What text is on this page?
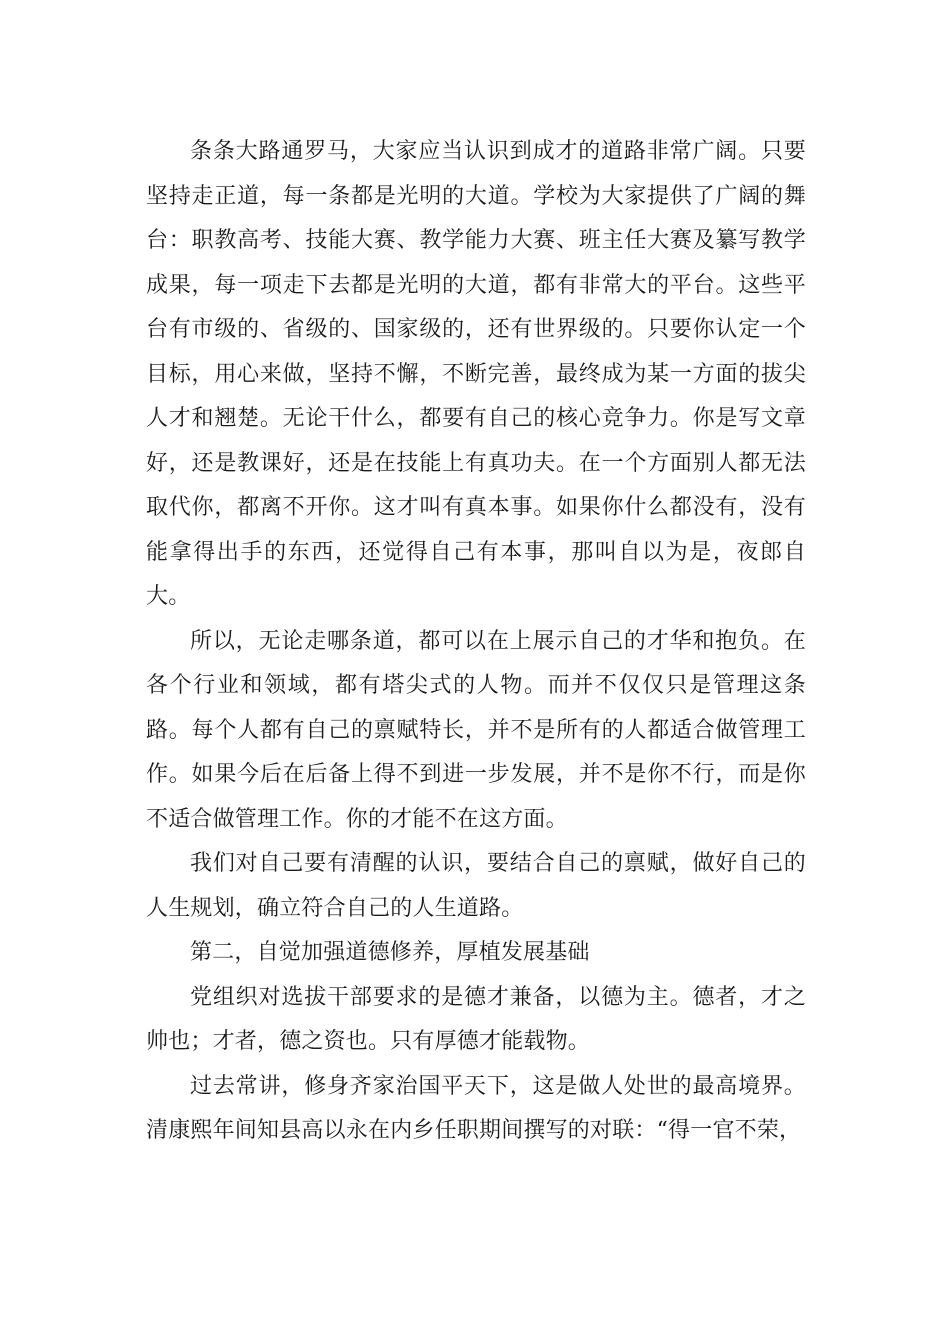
条条大路通罗马，大家应当认识到成才的道路非常广阔。只要坚持走正道，每一条都是光明的大道。学校为大家提供了广阔的舞台：职教高考、技能大赛、教学能力大赛、班主任大赛及纂写教学成果，每一项走下去都是光明的大道，都有非常大的平台。这些平台有市级的、省级的、国家级的，还有世界级的。只要你认定一个目标，用心来做，坚持不懈，不断完善，最终成为某一方面的拔尖人才和翘楚。无论干什么，都要有自己的核心竞争力。你是写文章好，还是教课好，还是在技能上有真功夫。在一个方面别人都无法取代你，都离不开你。这才叫有真本事。如果你什么都没有，没有能拿得出手的东西，还觉得自己有本事，那叫自以为是，夜郎自大。

所以，无论走哪条道，都可以在上展示自己的才华和抱负。在各个行业和领域，都有塔尖式的人物。而并不仅仅只是管理这条路。每个人都有自己的禀赋特长，并不是所有的人都适合做管理工作。如果今后在后备上得不到进一步发展，并不是你不行，而是你不适合做管理工作。你的才能不在这方面。

我们对自己要有清醒的认识，要结合自己的禀赋，做好自己的人生规划，确立符合自己的人生道路。

第二，自觉加强道德修养，厚植发展基础

党组织对选拔干部要求的是德才兼备，以德为主。德者，才之帅也；才者，德之资也。只有厚德才能载物。

过去常讲，修身齐家治国平天下，这是做人处世的最高境界。清康熙年间知县高以永在内乡任职期间撰写的对联：“得一官不荣，
